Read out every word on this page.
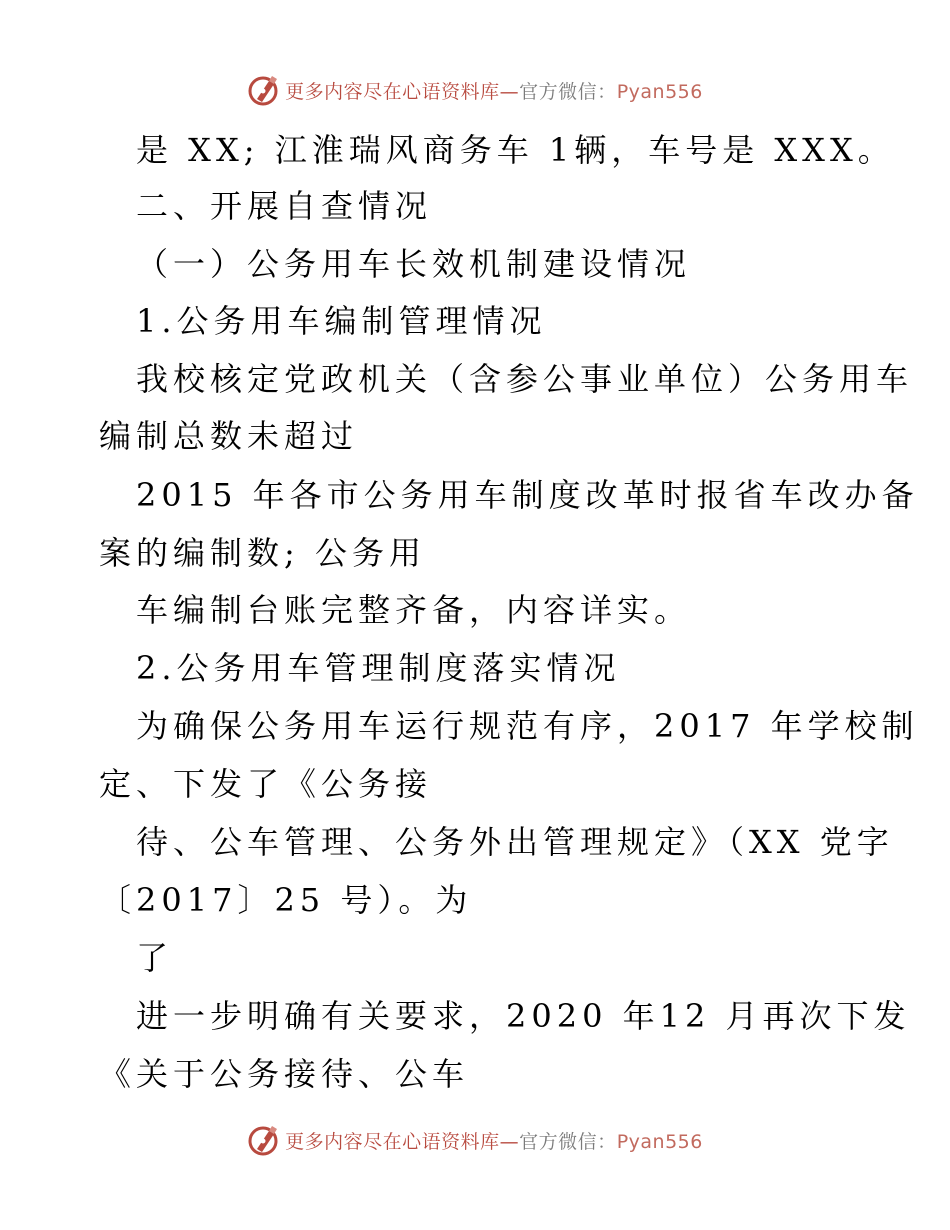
更多内容尽在心语资料库—官方微信：Pyan556
是 XX; 江淮瑞风商务车 1辆，车号是 XXX。
二、开展自查情况
（一）公务用车长效机制建设情况
1.公务用车编制管理情况
我校核定党政机关（含参公事业单位）公务用车
编制总数未超过
2015 年各市公务用车制度改革时报省车改办备
案的编制数; 公务用
车编制台账完整齐备，内容详实。
2.公务用车管理制度落实情况
为确保公务用车运行规范有序，2017 年学校制
定、下发了《公务接
待、公车管理、公务外出管理规定》（XX 党字
〔2017〕25 号）。为
了
进一步明确有关要求，2020 年12 月再次下发
《关于公务接待、公车
更多内容尽在心语资料库—官方微信：Pyan556
